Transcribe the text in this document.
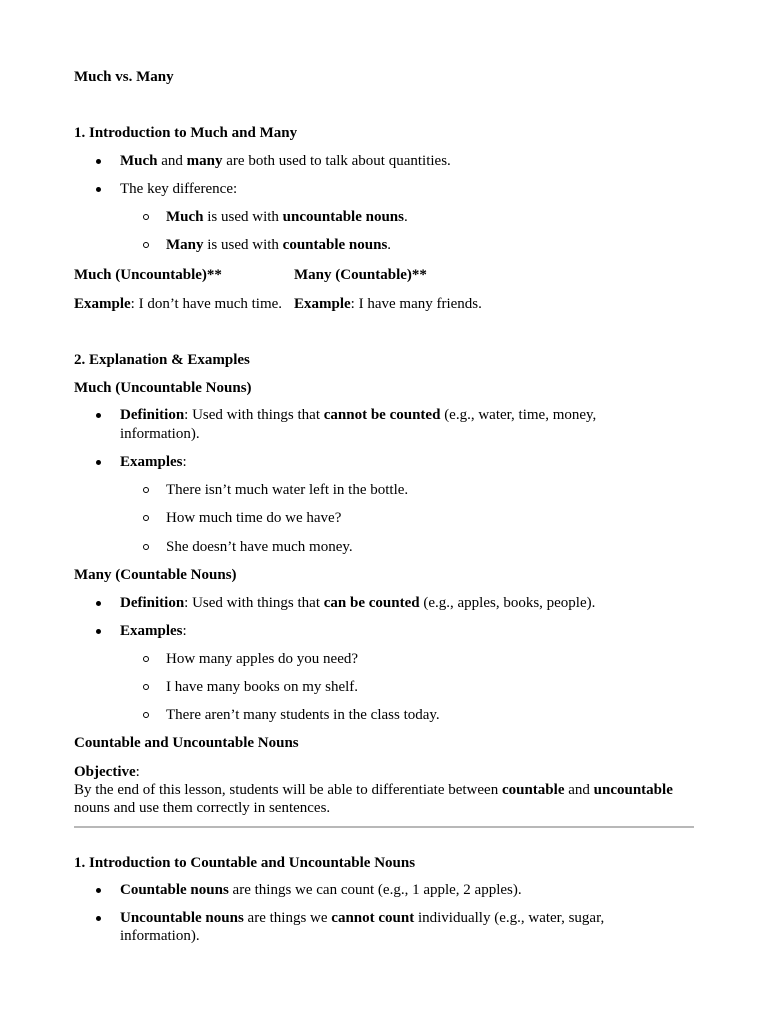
Much vs. Many
1. Introduction to Much and Many
Much and many are both used to talk about quantities.
The key difference:
Much is used with uncountable nouns.
Many is used with countable nouns.
Much (Uncountable)**	Many (Countable)**
Example: I don’t have much time. Example: I have many friends.
2. Explanation & Examples
Much (Uncountable Nouns)
Definition: Used with things that cannot be counted (e.g., water, time, money,
information).
Examples:
There isn’t much water left in the bottle.
How much time do we have?
She doesn’t have much money.
Many (Countable Nouns)
Definition: Used with things that can be counted (e.g., apples, books, people).
Examples:
How many apples do you need?
I have many books on my shelf.
There aren’t many students in the class today.
Countable and Uncountable Nouns
Objective:
By the end of this lesson, students will be able to differentiate between countable and uncountable
nouns and use them correctly in sentences.
1. Introduction to Countable and Uncountable Nouns
Countable nouns are things we can count (e.g., 1 apple, 2 apples).
Uncountable nouns are things we cannot count individually (e.g., water, sugar,
information).
